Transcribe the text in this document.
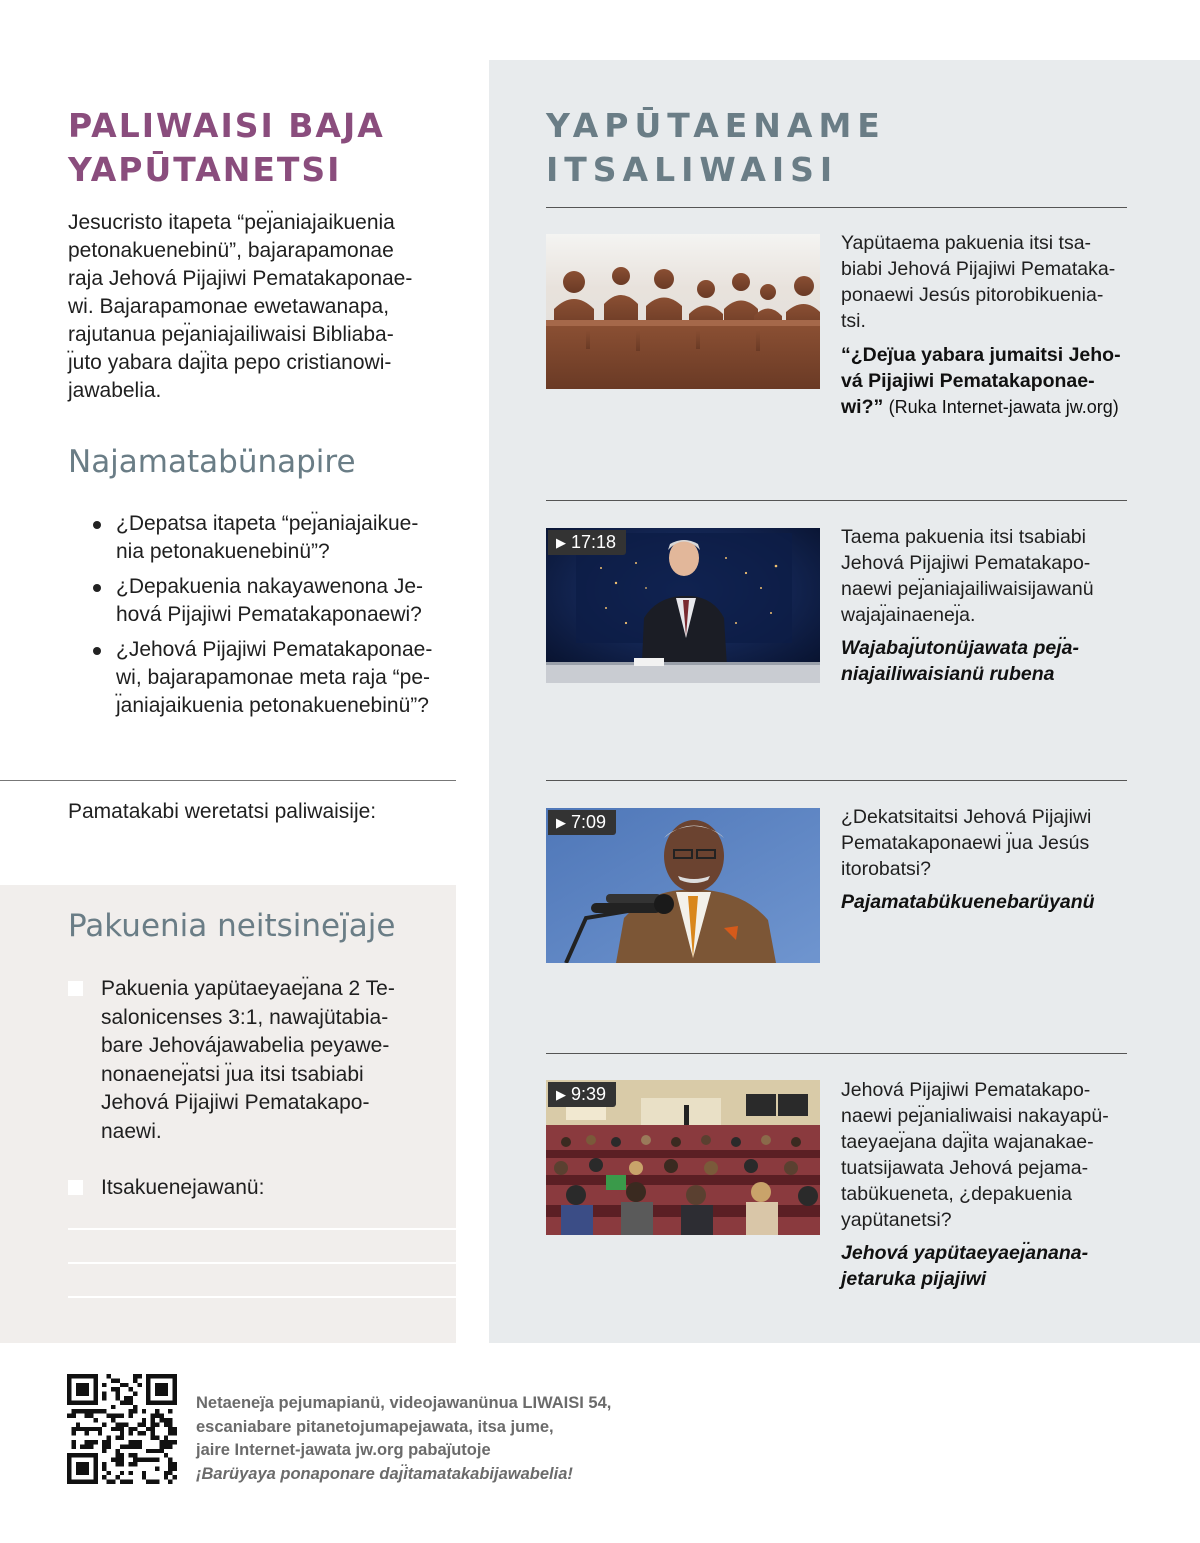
PALIWAISI BAJA
YAPŪTANETSI

Jesucristo itapeta “peȷ̈aniajaikuenia
petonakuenebinü”, bajarapamonae
raja Jehová Pijajiwi Pematakaponae-
wi. Bajarapamonae ewetawanapa,
rajutanua peȷ̈aniajailiwaisi Bibliaba-
ȷ̈uto yabara daȷ̈ita pepo cristianowi-
jawabelia.

Najamatabünapire
¿Depatsa itapeta “peȷ̈aniajaikue-
nia petonakuenebinü”?
¿Depakuenia nakayawenona Je-
hová Pijajiwi Pematakaponaewi?
¿Jehová Pijajiwi Pematakaponae-
wi, bajarapamonae meta raja “pe-
ȷ̈aniajaikuenia petonakuenebinü”?
Pamatakabi weretatsi paliwaisije:
Pakuenia neitsineȷ̈aje
Pakuenia yapütaeyaeȷ̈ana 2 Te-
salonicenses 3:1, nawajütabia-
bare Jehovájawabelia peyawe-
nonaeneȷ̈atsi ȷ̈ua itsi tsabiabi
Jehová Pijajiwi Pematakapo-
naewi.
Itsakuenejawanü:
YAPŪTAENAME
ITSALIWAISI

Yapütaema pakuenia itsi tsa-
biabi Jehová Pijajiwi Pemataka-
ponaewi Jesús pitorobikuenia-
tsi.

“¿Deȷ̈ua yabara jumaitsi Jeho-
vá Pijajiwi Pematakaponae-
wi?” (Ruka Internet-jawata jw.org)

▶ 17:18	Taema pakuenia itsi tsabiabi
Jehová Pijajiwi Pematakapo-
naewi peȷ̈aniajailiwaisijawanü
wajaȷ̈ainaeneȷ̈a.

Wajabaȷ̈utonüjawata peȷ̈a-
niajailiwaisianü rubena

▶ 7:09	¿Dekatsitaitsi Jehová Pijajiwi
Pematakaponaewi ȷ̈ua Jesús
itorobatsi?

Pajamatabükuenebarüyanü

▶ 9:39	Jehová Pijajiwi Pematakapo-
naewi peȷ̈anialiwaisi nakayapü-
taeyaeȷ̈ana daȷ̈ita wajanakae-
tuatsijawata Jehová pejama-
tabükueneta, ¿depakuenia
yapütanetsi?

Jehová yapütaeyaeȷ̈anana-
jetaruka pijajiwi

Netaeneȷ̈a pejumapianü, videojawanünua LIWAISI 54,
escaniabare pitanetojumapejawata, itsa jume,
jaire Internet-jawata jw.org pabaȷ̈utoje
¡Barüyaya ponaponare daȷ̈itamatakabijawabelia!
